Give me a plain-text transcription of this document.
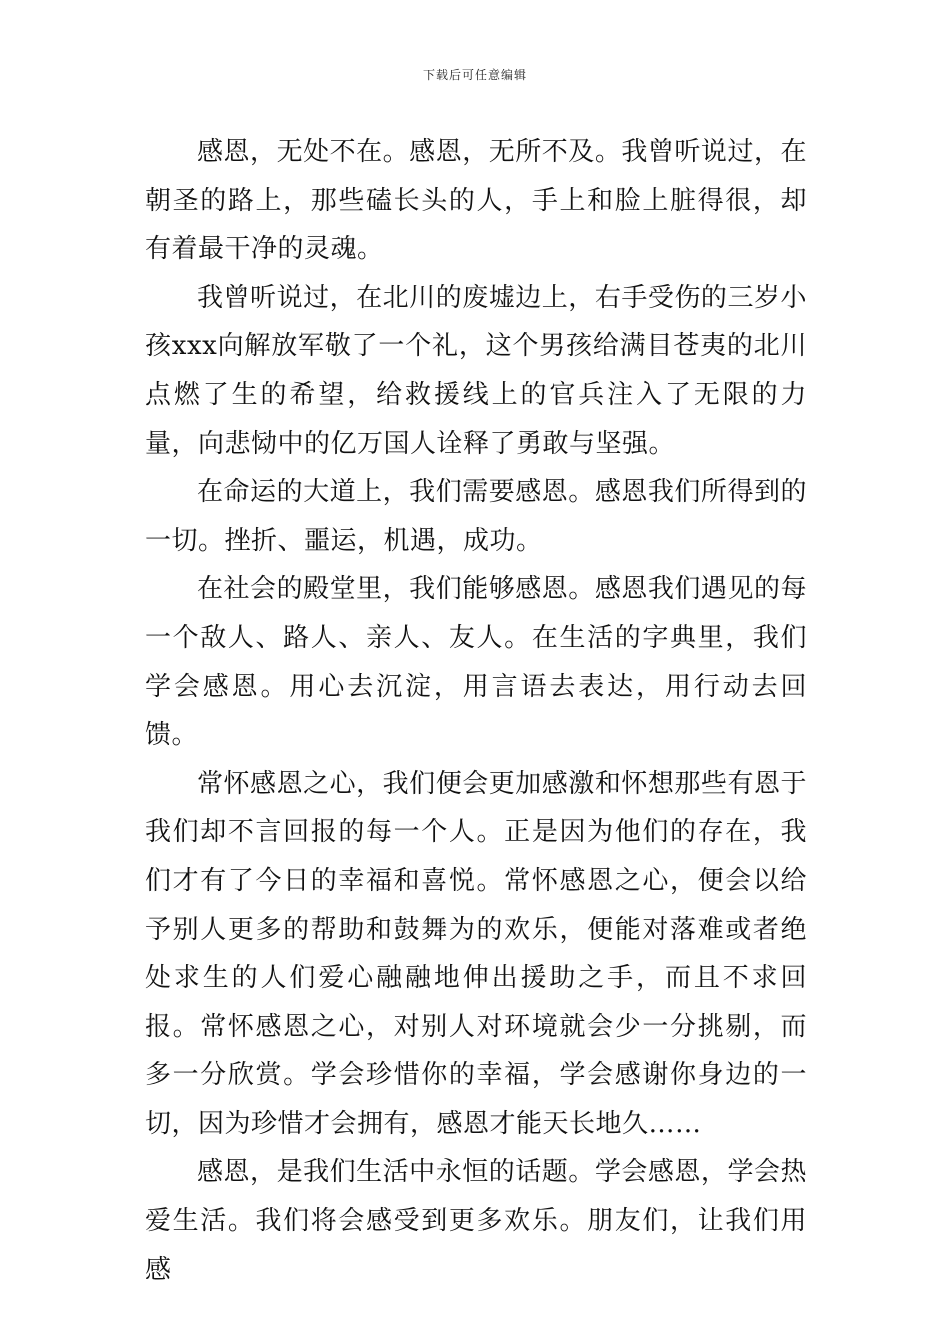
下载后可任意编辑

感恩，无处不在。感恩，无所不及。我曾听说过，在朝圣的路上，那些磕长头的人，手上和脸上脏得很，却有着最干净的灵魂。

我曾听说过，在北川的废墟边上，右手受伤的三岁小孩xxx向解放军敬了一个礼，这个男孩给满目苍夷的北川点燃了生的希望，给救援线上的官兵注入了无限的力量，向悲恸中的亿万国人诠释了勇敢与坚强。

在命运的大道上，我们需要感恩。感恩我们所得到的一切。挫折、噩运，机遇，成功。

在社会的殿堂里，我们能够感恩。感恩我们遇见的每一个敌人、路人、亲人、友人。在生活的字典里，我们学会感恩。用心去沉淀，用言语去表达，用行动去回馈。

常怀感恩之心，我们便会更加感激和怀想那些有恩于我们却不言回报的每一个人。正是因为他们的存在，我们才有了今日的幸福和喜悦。常怀感恩之心，便会以给予别人更多的帮助和鼓舞为的欢乐，便能对落难或者绝处求生的人们爱心融融地伸出援助之手，而且不求回报。常怀感恩之心，对别人对环境就会少一分挑剔，而多一分欣赏。学会珍惜你的幸福，学会感谢你身边的一切，因为珍惜才会拥有，感恩才能天长地久……

感恩，是我们生活中永恒的话题。学会感恩，学会热爱生活。我们将会感受到更多欢乐。朋友们，让我们用感
